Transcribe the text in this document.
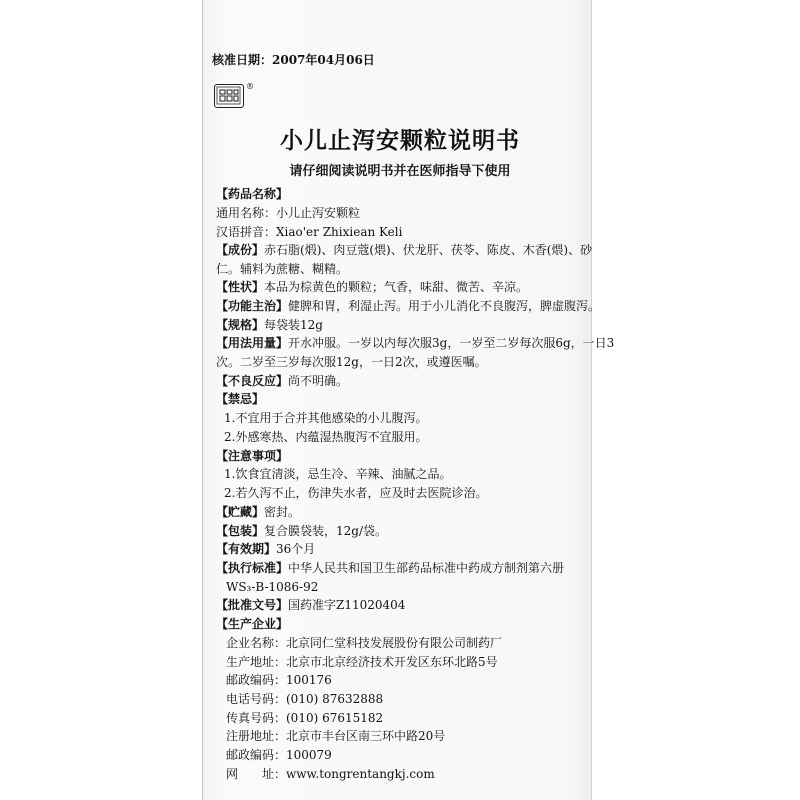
核准日期：2007年04月06日
®
小儿止泻安颗粒说明书
请仔细阅读说明书并在医师指导下使用
【药品名称】
通用名称：小儿止泻安颗粒
汉语拼音：Xiao'er Zhixiean Keli
【成份】赤石脂(煅)、肉豆蔻(煨)、伏龙肝、茯苓、陈皮、木香(煨)、砂
仁。辅料为蔗糖、糊精。
【性状】本品为棕黄色的颗粒；气香，味甜、微苦、辛凉。
【功能主治】健脾和胃，利湿止泻。用于小儿消化不良腹泻，脾虚腹泻。
【规格】每袋装12g
【用法用量】开水冲服。一岁以内每次服3g，一岁至二岁每次服6g，一日3
次。二岁至三岁每次服12g，一日2次，或遵医嘱。
【不良反应】尚不明确。
【禁忌】
1.不宜用于合并其他感染的小儿腹泻。
2.外感寒热、内蕴湿热腹泻不宜服用。
【注意事项】
1.饮食宜清淡，忌生冷、辛辣、油腻之品。
2.若久泻不止，伤津失水者，应及时去医院诊治。
【贮藏】密封。
【包装】复合膜袋装，12g/袋。
【有效期】36个月
【执行标准】中华人民共和国卫生部药品标准中药成方制剂第六册
WS₃-B-1086-92
【批准文号】国药准字Z11020404
【生产企业】
企业名称：北京同仁堂科技发展股份有限公司制药厂
生产地址：北京市北京经济技术开发区东环北路5号
邮政编码：100176
电话号码：(010) 87632888
传真号码：(010) 67615182
注册地址：北京市丰台区南三环中路20号
邮政编码：100079
网　　址：www.tongrentangkj.com
